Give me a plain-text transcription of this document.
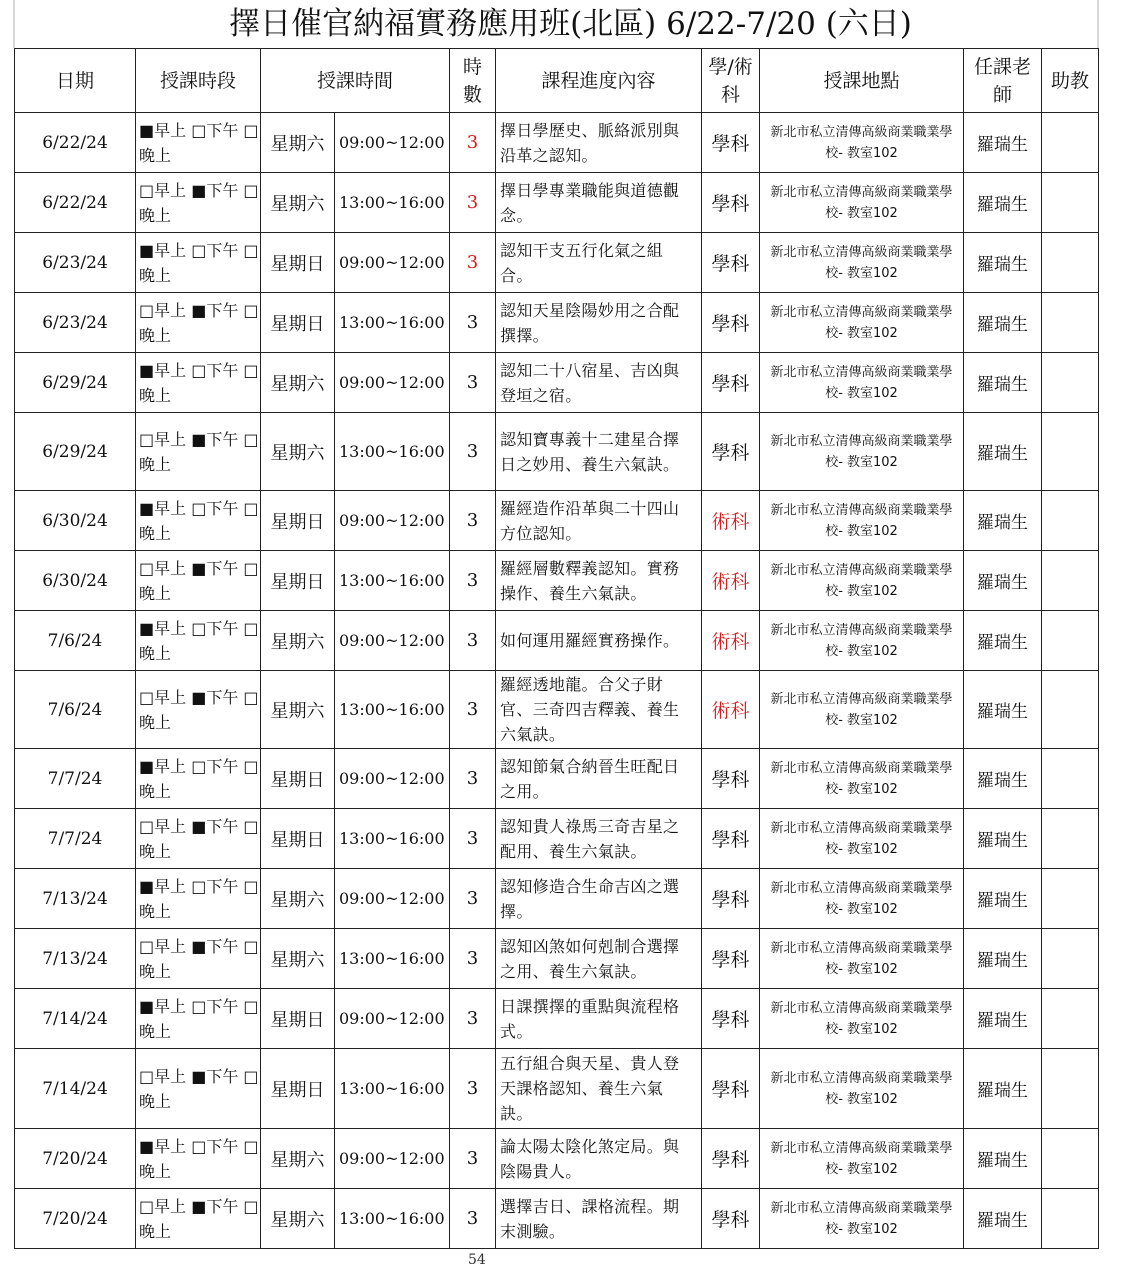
擇日催官納福實務應用班(北區) 6/22-7/20 (六日)
日期	授課時段	授課時間		時
數	課程進度內容	學/術
科	授課地點	任課老
師	助教
6/22/24	■早上 □下午 □
晚上	星期六	09:00~12:00	3	擇日學歷史、脈絡派別與
沿革之認知。	學科	新北市私立清傳高級商業職業學
校- 教室102	羅瑞生	
6/22/24	□早上 ■下午 □
晚上	星期六	13:00~16:00	3	擇日學專業職能與道德觀
念。	學科	新北市私立清傳高級商業職業學
校- 教室102	羅瑞生	
6/23/24	■早上 □下午 □
晚上	星期日	09:00~12:00	3	認知干支五行化氣之組
合。	學科	新北市私立清傳高級商業職業學
校- 教室102	羅瑞生	
6/23/24	□早上 ■下午 □
晚上	星期日	13:00~16:00	3	認知天星陰陽妙用之合配
撰擇。	學科	新北市私立清傳高級商業職業學
校- 教室102	羅瑞生	
6/29/24	■早上 □下午 □
晚上	星期六	09:00~12:00	3	認知二十八宿星、吉凶與
登垣之宿。	學科	新北市私立清傳高級商業職業學
校- 教室102	羅瑞生	
6/29/24	□早上 ■下午 □
晚上	星期六	13:00~16:00	3	認知寶專義十二建星合擇
日之妙用、養生六氣訣。	學科	新北市私立清傳高級商業職業學
校- 教室102	羅瑞生	
6/30/24	■早上 □下午 □
晚上	星期日	09:00~12:00	3	羅經造作沿革與二十四山
方位認知。	術科	新北市私立清傳高級商業職業學
校- 教室102	羅瑞生	
6/30/24	□早上 ■下午 □
晚上	星期日	13:00~16:00	3	羅經層數釋義認知。實務
操作、養生六氣訣。	術科	新北市私立清傳高級商業職業學
校- 教室102	羅瑞生	
7/6/24	■早上 □下午 □
晚上	星期六	09:00~12:00	3	如何運用羅經實務操作。	術科	新北市私立清傳高級商業職業學
校- 教室102	羅瑞生	
7/6/24	□早上 ■下午 □
晚上	星期六	13:00~16:00	3	羅經透地龍。合父子財
官、三奇四吉釋義、養生
六氣訣。	術科	新北市私立清傳高級商業職業學
校- 教室102	羅瑞生	
7/7/24	■早上 □下午 □
晚上	星期日	09:00~12:00	3	認知節氣合納晉生旺配日
之用。	學科	新北市私立清傳高級商業職業學
校- 教室102	羅瑞生	
7/7/24	□早上 ■下午 □
晚上	星期日	13:00~16:00	3	認知貴人祿馬三奇吉星之
配用、養生六氣訣。	學科	新北市私立清傳高級商業職業學
校- 教室102	羅瑞生	
7/13/24	■早上 □下午 □
晚上	星期六	09:00~12:00	3	認知修造合生命吉凶之選
擇。	學科	新北市私立清傳高級商業職業學
校- 教室102	羅瑞生	
7/13/24	□早上 ■下午 □
晚上	星期六	13:00~16:00	3	認知凶煞如何剋制合選擇
之用、養生六氣訣。	學科	新北市私立清傳高級商業職業學
校- 教室102	羅瑞生	
7/14/24	■早上 □下午 □
晚上	星期日	09:00~12:00	3	日課撰擇的重點與流程格
式。	學科	新北市私立清傳高級商業職業學
校- 教室102	羅瑞生	
7/14/24	□早上 ■下午 □
晚上	星期日	13:00~16:00	3	五行組合與天星、貴人登
天課格認知、養生六氣
訣。	學科	新北市私立清傳高級商業職業學
校- 教室102	羅瑞生	
7/20/24	■早上 □下午 □
晚上	星期六	09:00~12:00	3	論太陽太陰化煞定局。與
陰陽貴人。	學科	新北市私立清傳高級商業職業學
校- 教室102	羅瑞生	
7/20/24	□早上 ■下午 □
晚上	星期六	13:00~16:00	3	選擇吉日、課格流程。期
末測驗。	學科	新北市私立清傳高級商業職業學
校- 教室102	羅瑞生	
54
